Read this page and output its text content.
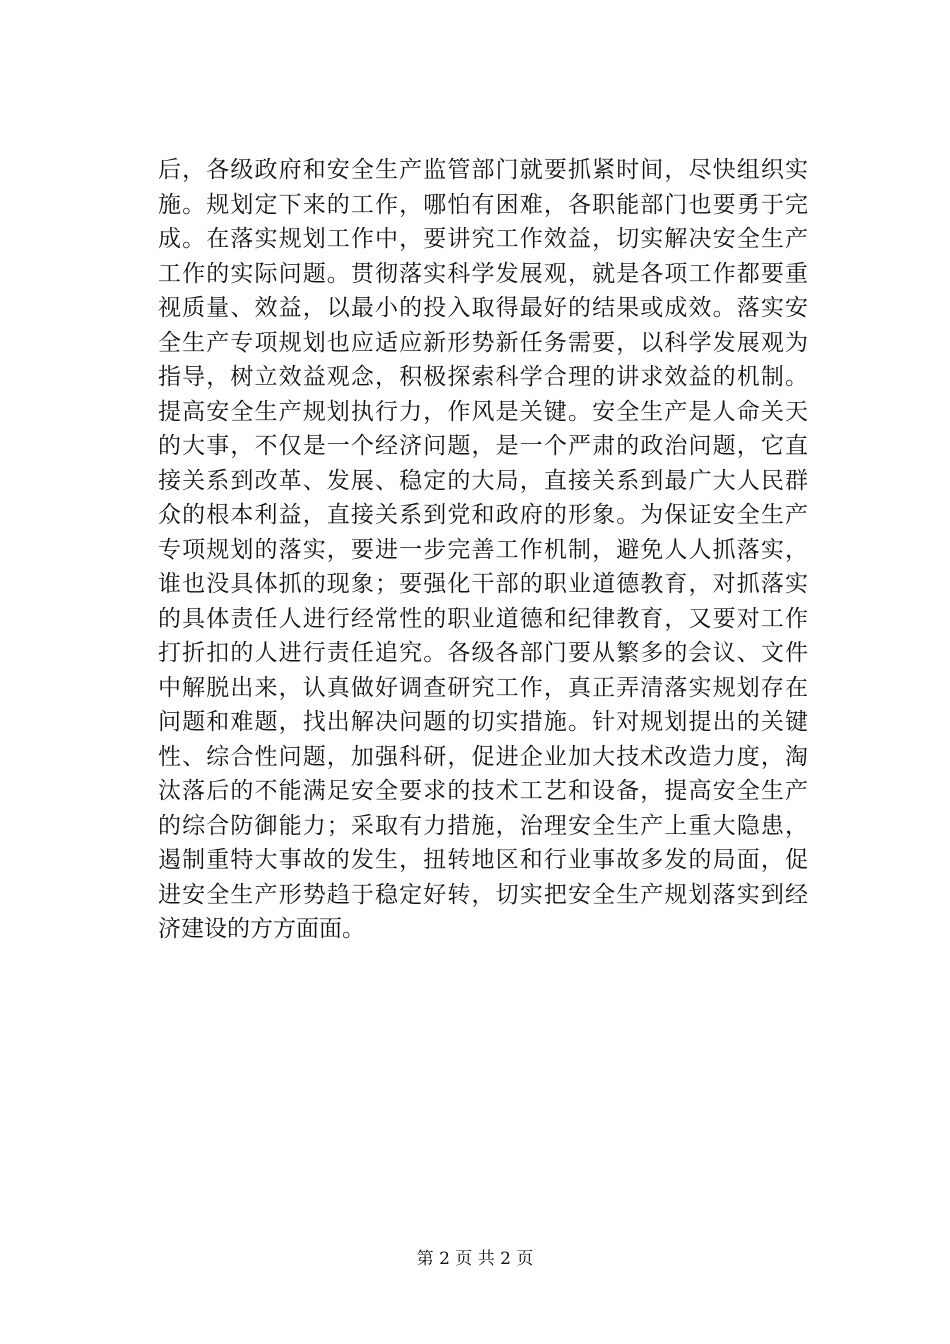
后，各级政府和安全生产监管部门就要抓紧时间，尽快组织实
施。规划定下来的工作，哪怕有困难，各职能部门也要勇于完
成。在落实规划工作中，要讲究工作效益，切实解决安全生产
工作的实际问题。贯彻落实科学发展观，就是各项工作都要重
视质量、效益，以最小的投入取得最好的结果或成效。落实安
全生产专项规划也应适应新形势新任务需要，以科学发展观为
指导，树立效益观念，积极探索科学合理的讲求效益的机制。
提高安全生产规划执行力，作风是关键。安全生产是人命关天
的大事，不仅是一个经济问题，是一个严肃的政治问题，它直
接关系到改革、发展、稳定的大局，直接关系到最广大人民群
众的根本利益，直接关系到党和政府的形象。为保证安全生产
专项规划的落实，要进一步完善工作机制，避免人人抓落实，
谁也没具体抓的现象；要强化干部的职业道德教育，对抓落实
的具体责任人进行经常性的职业道德和纪律教育，又要对工作
打折扣的人进行责任追究。各级各部门要从繁多的会议、文件
中解脱出来，认真做好调查研究工作，真正弄清落实规划存在
问题和难题，找出解决问题的切实措施。针对规划提出的关键
性、综合性问题，加强科研，促进企业加大技术改造力度，淘
汰落后的不能满足安全要求的技术工艺和设备，提高安全生产
的综合防御能力；采取有力措施，治理安全生产上重大隐患，
遏制重特大事故的发生，扭转地区和行业事故多发的局面，促
进安全生产形势趋于稳定好转，切实把安全生产规划落实到经
济建设的方方面面。
第 2 页 共 2 页
